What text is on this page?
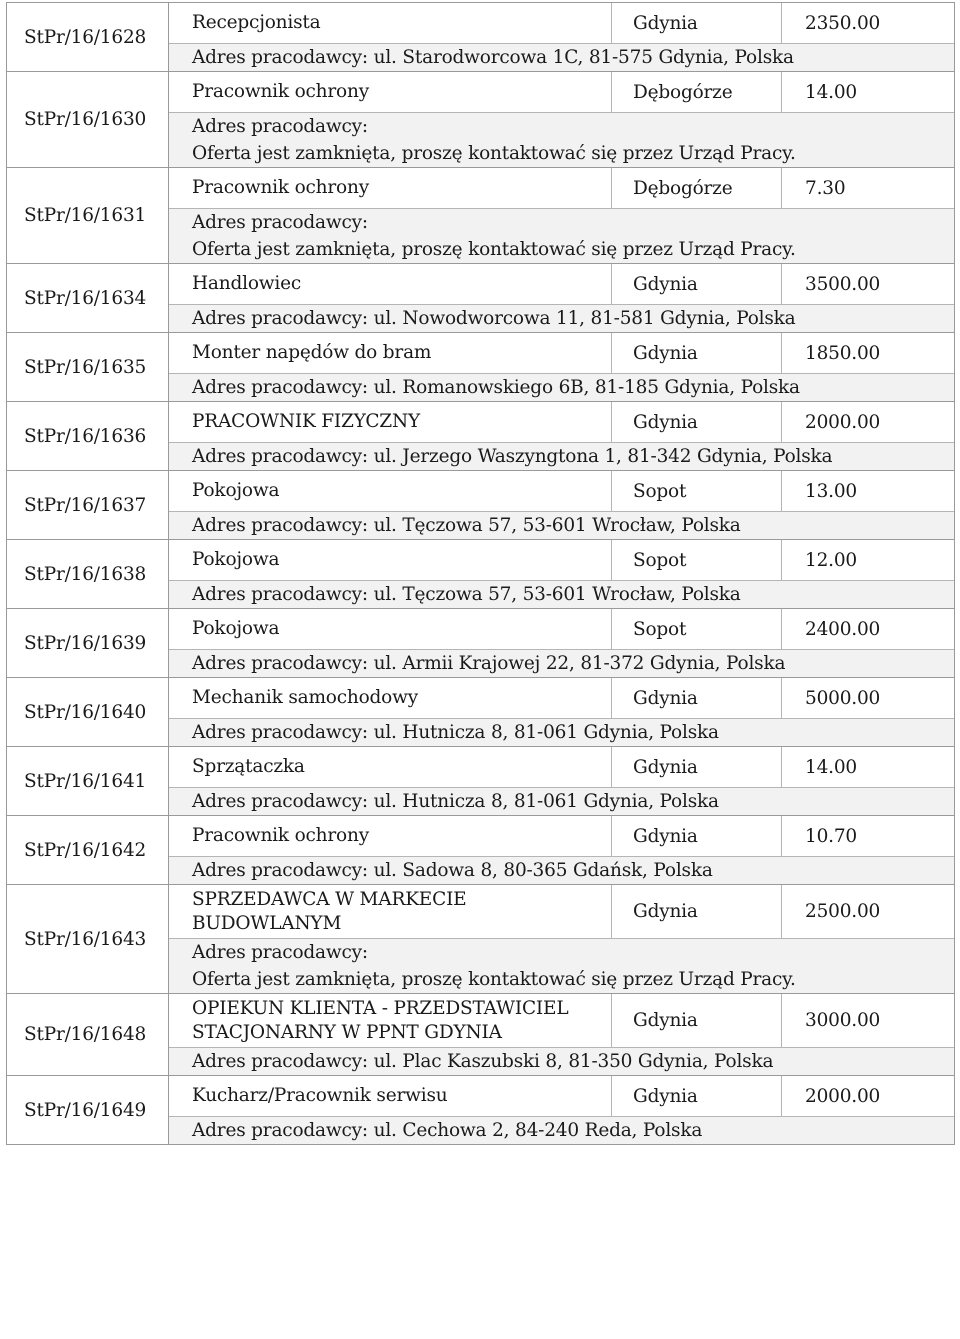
StPr/16/1628
Recepcjonista	Gdynia	2350.00
Adres pracodawcy: ul. Starodworcowa 1C, 81-575 Gdynia, Polska
StPr/16/1630
Pracownik ochrony	Dębogórze	14.00
Adres pracodawcy:
Oferta jest zamknięta, proszę kontaktować się przez Urząd Pracy.
StPr/16/1631
Pracownik ochrony	Dębogórze	7.30
Adres pracodawcy:
Oferta jest zamknięta, proszę kontaktować się przez Urząd Pracy.
StPr/16/1634
Handlowiec	Gdynia	3500.00
Adres pracodawcy: ul. Nowodworcowa 11, 81-581 Gdynia, Polska
StPr/16/1635
Monter napędów do bram	Gdynia	1850.00
Adres pracodawcy: ul. Romanowskiego 6B, 81-185 Gdynia, Polska
StPr/16/1636
PRACOWNIK FIZYCZNY	Gdynia	2000.00
Adres pracodawcy: ul. Jerzego Waszyngtona 1, 81-342 Gdynia, Polska
StPr/16/1637
Pokojowa	Sopot	13.00
Adres pracodawcy: ul. Tęczowa 57, 53-601 Wrocław, Polska
StPr/16/1638
Pokojowa	Sopot	12.00
Adres pracodawcy: ul. Tęczowa 57, 53-601 Wrocław, Polska
StPr/16/1639
Pokojowa	Sopot	2400.00
Adres pracodawcy: ul. Armii Krajowej 22, 81-372 Gdynia, Polska
StPr/16/1640
Mechanik samochodowy	Gdynia	5000.00
Adres pracodawcy: ul. Hutnicza 8, 81-061 Gdynia, Polska
StPr/16/1641
Sprzątaczka	Gdynia	14.00
Adres pracodawcy: ul. Hutnicza 8, 81-061 Gdynia, Polska
StPr/16/1642
Pracownik ochrony	Gdynia	10.70
Adres pracodawcy: ul. Sadowa 8, 80-365 Gdańsk, Polska
StPr/16/1643
SPRZEDAWCA W MARKECIE BUDOWLANYM
Gdynia	2500.00
Adres pracodawcy:
Oferta jest zamknięta, proszę kontaktować się przez Urząd Pracy.
StPr/16/1648
OPIEKUN KLIENTA - PRZEDSTAWICIEL STACJONARNY W PPNT GDYNIA
Gdynia	3000.00
Adres pracodawcy: ul. Plac Kaszubski 8, 81-350 Gdynia, Polska
StPr/16/1649
Kucharz/Pracownik serwisu	Gdynia	2000.00
Adres pracodawcy: ul. Cechowa 2, 84-240 Reda, Polska
